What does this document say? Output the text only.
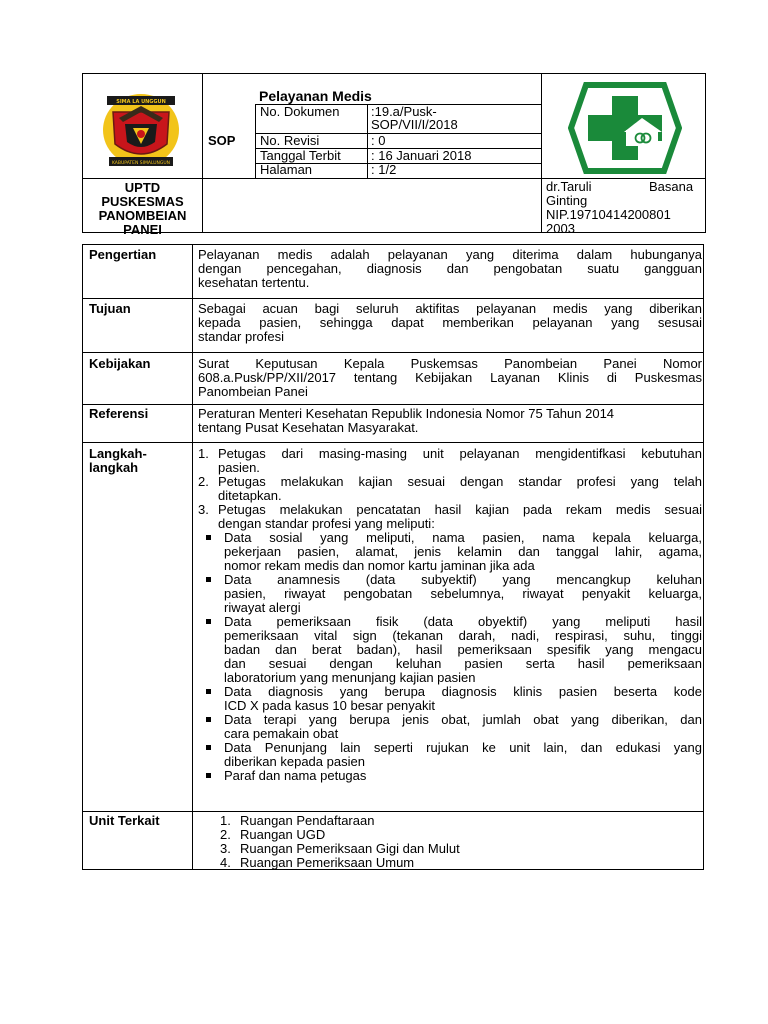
SIMA LA UNGGUN
KABUPATEN SIMALUNGUN
Pelayanan Medis
SOP
No. Dokumen :19.a/Pusk-
SOP/VII/I/2018
No. Revisi	: 0
Tanggal Terbit : 16 Januari 2018
Halaman	: 1/2
UPTD
PUSKESMAS
PANOMBEIAN
PANEI
dr.Taruli	Basana
Ginting
NIP.19710414200801
2003
Pengertian	Pelayanan medis adalah pelayanan yang diterima dalam hubunganya
dengan pencegahan, diagnosis dan pengobatan suatu gangguan
kesehatan tertentu.
Tujuan	Sebagai acuan bagi seluruh aktifitas pelayanan medis yang diberikan
kepada pasien, sehingga dapat memberikan pelayanan yang sesusai
standar profesi
Kebijakan	Surat Keputusan Kepala Puskemsas Panombeian Panei Nomor
608.a.Pusk/PP/XII/2017 tentang Kebijakan Layanan Klinis di Puskesmas
Panombeian Panei
Referensi	Peraturan Menteri Kesehatan Republik Indonesia Nomor 75 Tahun 2014
tentang Pusat Kesehatan Masyarakat.
Langkah-
langkah
1. Petugas dari masing-masing unit pelayanan mengidentifkasi kebutuhan
pasien.
2. Petugas melakukan kajian sesuai dengan standar profesi yang telah
ditetapkan.
3. Petugas melakukan pencatatan hasil kajian pada rekam medis sesuai
dengan standar profesi yang meliputi:
Data sosial yang meliputi, nama pasien, nama kepala keluarga,
pekerjaan pasien, alamat, jenis kelamin dan tanggal lahir, agama,
nomor rekam medis dan nomor kartu jaminan jika ada
Data anamnesis (data subyektif) yang mencangkup keluhan
pasien, riwayat pengobatan sebelumnya, riwayat penyakit keluarga,
riwayat alergi
Data pemeriksaan fisik (data obyektif) yang meliputi hasil
pemeriksaan vital sign (tekanan darah, nadi, respirasi, suhu, tinggi
badan dan berat badan), hasil pemeriksaan spesifik yang mengacu
dan sesuai dengan keluhan pasien serta hasil pemeriksaan
laboratorium yang menunjang kajian pasien
Data diagnosis yang berupa diagnosis klinis pasien beserta kode
ICD X pada kasus 10 besar penyakit
Data terapi yang berupa jenis obat, jumlah obat yang diberikan, dan
cara pemakain obat
Data Penunjang lain seperti rujukan ke unit lain, dan edukasi yang
diberikan kepada pasien
Paraf dan nama petugas
Unit Terkait	1. Ruangan Pendaftaraan
2. Ruangan UGD
3. Ruangan Pemeriksaan Gigi dan Mulut
4. Ruangan Pemeriksaan Umum
